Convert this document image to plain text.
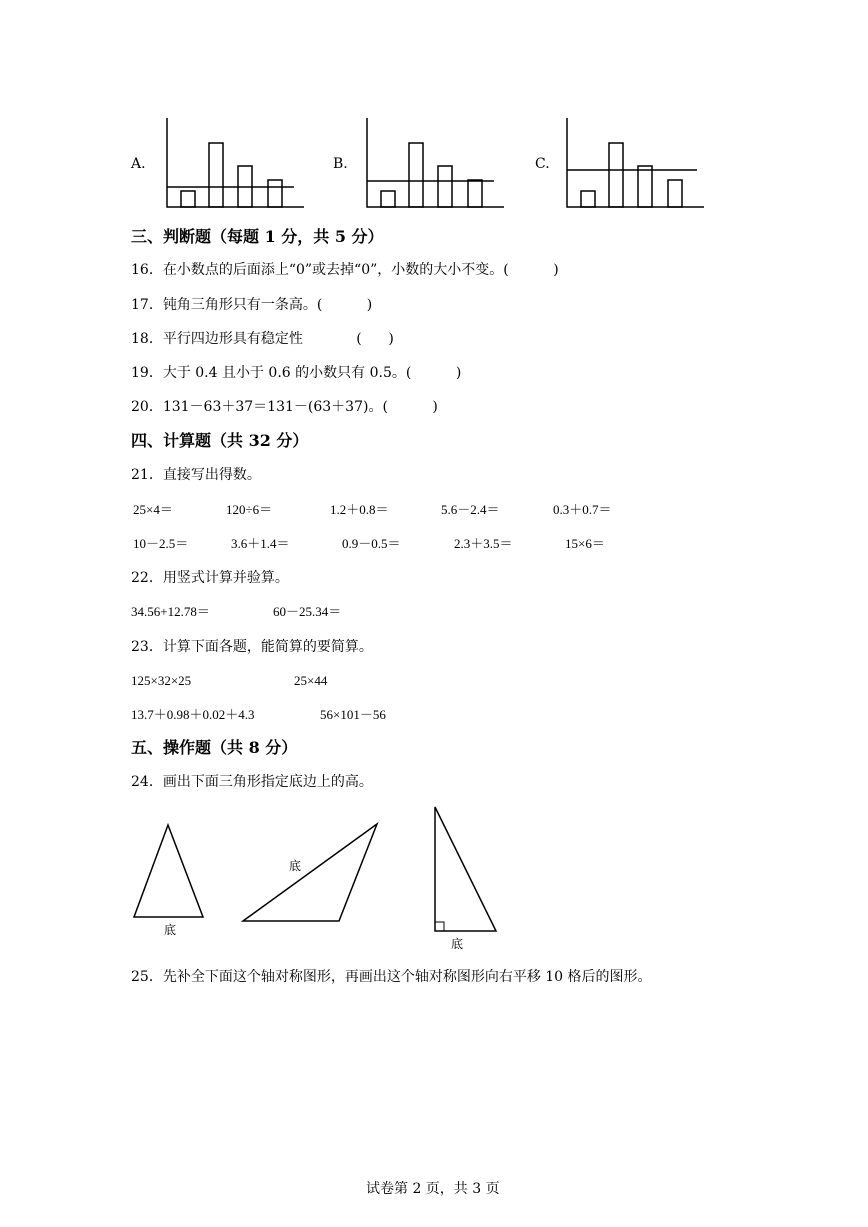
A.	B.	C.
三、判断题（每题 1 分，共 5 分）
16．在小数点的后面添上“0”或去掉“0”，小数的大小不变。(          )
17．钝角三角形只有一条高。(          )
18．平行四边形具有稳定性            (      )
19．大于 0.4 且小于 0.6 的小数只有 0.5。(          )
20．131－63＋37＝131－(63＋37)。(          )
四、计算题（共 32 分）
21．直接写出得数。
25×4＝	120÷6＝	1.2＋0.8＝	5.6－2.4＝	0.3＋0.7＝
10－2.5＝	3.6＋1.4＝	0.9－0.5＝	2.3＋3.5＝	15×6＝
22．用竖式计算并验算。
34.56+12.78＝	60－25.34＝
23．计算下面各题，能简算的要简算。
125×32×25	25×44
13.7＋0.98＋0.02＋4.3	56×101－56
五、操作题（共 8 分）
24．画出下面三角形指定底边上的高。
底
底
底
25．先补全下面这个轴对称图形，再画出这个轴对称图形向右平移 10 格后的图形。
试卷第 2 页，共 3 页
